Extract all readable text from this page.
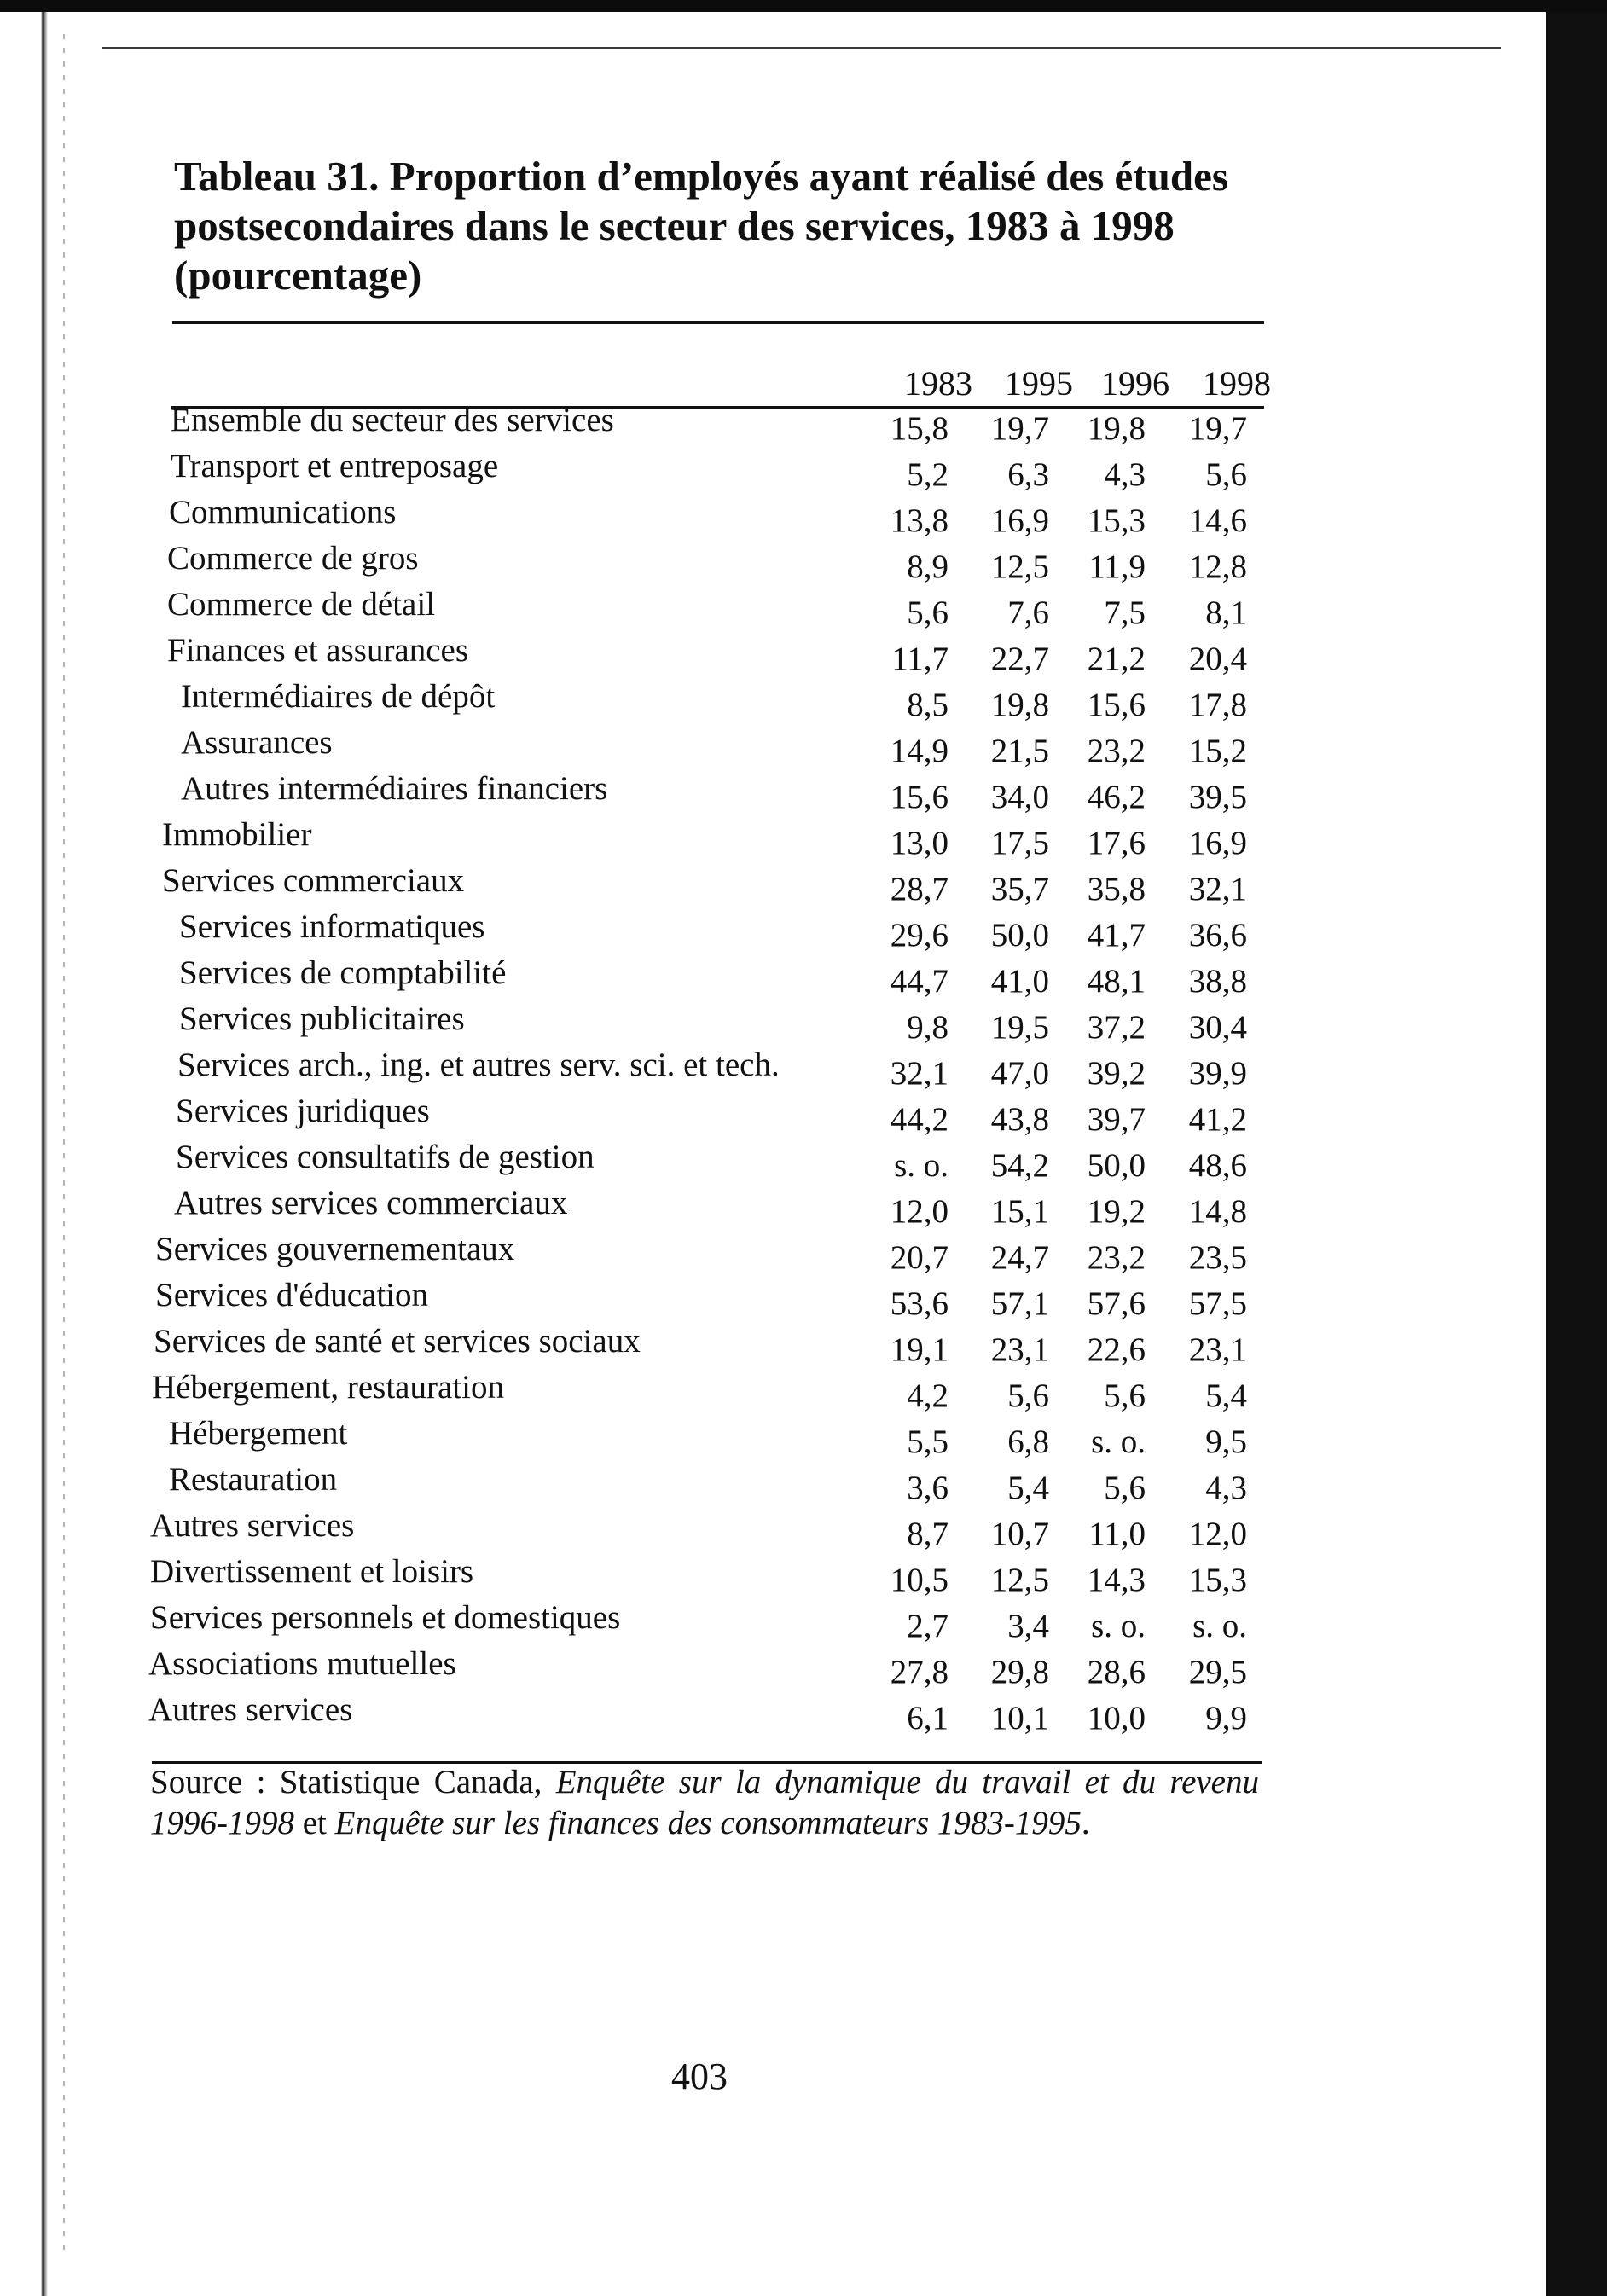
Tableau 31. Proportion d’employés ayant réalisé des études postsecondaires dans le secteur des services, 1983 à 1998 (pourcentage)
1983 1995 1996 1998
Ensemble du secteur des services	15,8	19,7	19,8	19,7
Transport et entreposage	5,2	6,3	4,3	5,6
Communications	13,8	16,9	15,3	14,6
Commerce de gros	8,9	12,5	11,9	12,8
Commerce de détail	5,6	7,6	7,5	8,1
Finances et assurances	11,7	22,7	21,2	20,4
Intermédiaires de dépôt	8,5	19,8	15,6	17,8
Assurances	14,9	21,5	23,2	15,2
Autres intermédiaires financiers	15,6	34,0	46,2	39,5
Immobilier	13,0	17,5	17,6	16,9
Services commerciaux	28,7	35,7	35,8	32,1
Services informatiques	29,6	50,0	41,7	36,6
Services de comptabilité	44,7	41,0	48,1	38,8
Services publicitaires	9,8	19,5	37,2	30,4
Services arch., ing. et autres serv. sci. et tech.	32,1	47,0	39,2	39,9
Services juridiques	44,2	43,8	39,7	41,2
Services consultatifs de gestion	s. o.	54,2	50,0	48,6
Autres services commerciaux	12,0	15,1	19,2	14,8
Services gouvernementaux	20,7	24,7	23,2	23,5
Services d'éducation	53,6	57,1	57,6	57,5
Services de santé et services sociaux	19,1	23,1	22,6	23,1
Hébergement, restauration	4,2	5,6	5,6	5,4
Hébergement	5,5	6,8	s. o.	9,5
Restauration	3,6	5,4	5,6	4,3
Autres services	8,7	10,7	11,0	12,0
Divertissement et loisirs	10,5	12,5	14,3	15,3
Services personnels et domestiques	2,7	3,4	s. o.	s. o.
Associations mutuelles	27,8	29,8	28,6	29,5
Autres services	6,1	10,1	10,0	9,9

Source : Statistique Canada, Enquête sur la dynamique du travail et du revenu 1996-1998 et Enquête sur les finances des consommateurs 1983-1995.

403
